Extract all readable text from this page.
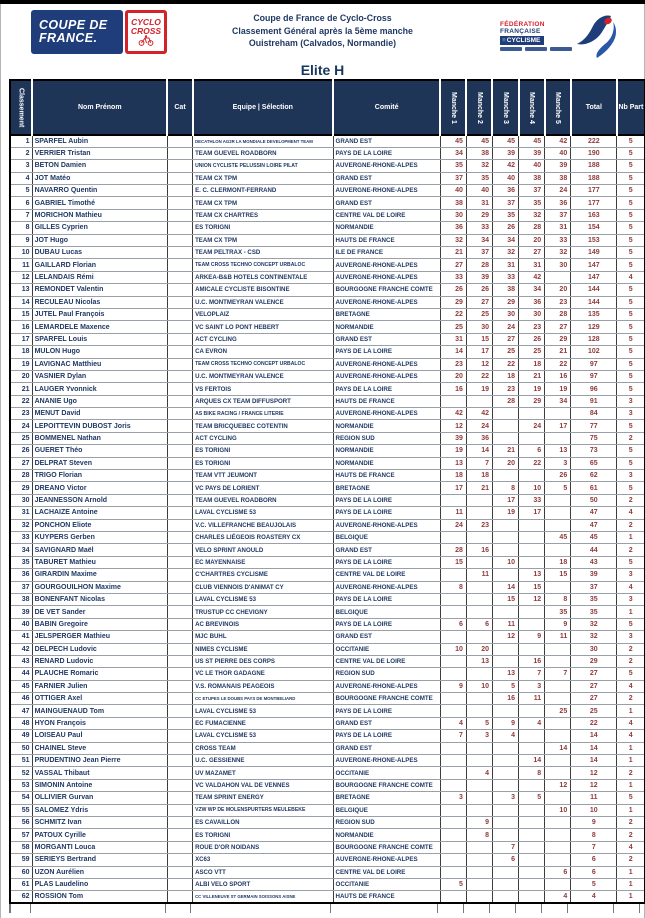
COUPE DE
FRANCE.
CYCLO
CROSS
Coupe de France de Cyclo-Cross
Classement Général après la 5ème manche
Ouistreham (Calvados, Normandie)
FÉDÉRATION
FRANÇAISE
≡CYCLISME
Elite H
Classement	Nom Prénom	Cat	Equipe | Sélection	Comité	Manche 1	Manche 2	Manche 3	Manche 4	Manche 5	Total	Nb Part
1	SPARFEL Aubin		DECATHLON AG2R LA MONDIALE DEVELOPMENT TEAM	GRAND EST	45	45	45	45	42	222	5
2	VERRIER Tristan		TEAM GUEVEL ROADBORN	PAYS DE LA LOIRE	34	38	39	39	40	190	5
3	BETON Damien		UNION CYCLISTE PELUSSIN LOIRE PILAT	AUVERGNE-RHONE-ALPES	35	32	42	40	39	188	5
4	JOT Matéo		TEAM CX TPM	GRAND EST	37	35	40	38	38	188	5
5	NAVARRO Quentin		E. C. CLERMONT-FERRAND	AUVERGNE-RHONE-ALPES	40	40	36	37	24	177	5
6	GABRIEL Timothé		TEAM CX TPM	GRAND EST	38	31	37	35	36	177	5
7	MORICHON Mathieu		TEAM CX CHARTRES	CENTRE VAL DE LOIRE	30	29	35	32	37	163	5
8	GILLES Cyprien		ES TORIGNI	NORMANDIE	36	33	26	28	31	154	5
9	JOT Hugo		TEAM CX TPM	HAUTS DE FRANCE	32	34	34	20	33	153	5
10	DUBAU Lucas		TEAM PELTRAX - CSD	ILE DE FRANCE	21	37	32	27	32	149	5
11	GAILLARD Florian		TEAM CROSS TECHNO CONCEPT URBALOC	AUVERGNE-RHONE-ALPES	27	28	31	31	30	147	5
12	LELANDAIS Rémi		ARKEA-B&B HOTELS CONTINENTALE	AUVERGNE-RHONE-ALPES	33	39	33	42		147	4
13	REMONDET Valentin		AMICALE CYCLISTE BISONTINE	BOURGOGNE FRANCHE COMTE	26	26	38	34	20	144	5
14	RECULEAU Nicolas		U.C. MONTMEYRAN VALENCE	AUVERGNE-RHONE-ALPES	29	27	29	36	23	144	5
15	JUTEL Paul François		VELOPLAIZ	BRETAGNE	22	25	30	30	28	135	5
16	LEMARDELE Maxence		VC SAINT LO PONT HEBERT	NORMANDIE	25	30	24	23	27	129	5
17	SPARFEL Louis		ACT CYCLING	GRAND EST	31	15	27	26	29	128	5
18	MULON Hugo		CA EVRON	PAYS DE LA LOIRE	14	17	25	25	21	102	5
19	LAVIGNAC Matthieu		TEAM CROSS TECHNO CONCEPT URBALOC	AUVERGNE-RHONE-ALPES	23	12	22	18	22	97	5
20	VASNIER Dylan		U.C. MONTMEYRAN VALENCE	AUVERGNE-RHONE-ALPES	20	22	18	21	16	97	5
21	LAUGER Yvonnick		VS FERTOIS	PAYS DE LA LOIRE	16	19	23	19	19	96	5
22	ANANIE Ugo		ARQUES CX TEAM DIFFUSPORT	HAUTS DE FRANCE			28	29	34	91	3
23	MENUT David		AS BIKE RACING / FRANCE LITERIE	AUVERGNE-RHONE-ALPES	42	42				84	3
24	LEPOITTEVIN DUBOST Joris		TEAM BRICQUEBEC COTENTIN	NORMANDIE	12	24		24	17	77	5
25	BOMMENEL Nathan		ACT CYCLING	REGION SUD	39	36				75	2
26	GUERET Théo		ES TORIGNI	NORMANDIE	19	14	21	6	13	73	5
27	DELPRAT Steven		ES TORIGNI	NORMANDIE	13	7	20	22	3	65	5
28	TRIGO Florian		TEAM VTT JEUMONT	HAUTS DE FRANCE	18	18			26	62	3
29	DREANO Victor		VC PAYS DE LORIENT	BRETAGNE	17	21	8	10	5	61	5
30	JEANNESSON Arnold		TEAM GUEVEL ROADBORN	PAYS DE LA LOIRE			17	33		50	2
31	LACHAIZE Antoine		LAVAL CYCLISME 53	PAYS DE LA LOIRE	11		19	17		47	4
32	PONCHON Eliote		V.C. VILLEFRANCHE BEAUJOLAIS	AUVERGNE-RHONE-ALPES	24	23				47	2
33	KUYPERS Gerben		CHARLES LIÉGEOIS ROASTERY CX	BELGIQUE					45	45	1
34	SAVIGNARD Maël		VELO SPRINT ANOULD	GRAND EST	28	16				44	2
35	TABURET Mathieu		EC MAYENNAISE	PAYS DE LA LOIRE	15		10		18	43	5
36	GIRARDIN Maxime		C'CHARTRES CYCLISME	CENTRE VAL DE LOIRE		11		13	15	39	3
37	GOURGOUILHON Maxime		CLUB VIENNOIS D'ANIMAT CY	AUVERGNE-RHONE-ALPES	8		14	15		37	4
38	BONENFANT Nicolas		LAVAL CYCLISME 53	PAYS DE LA LOIRE			15	12	8	35	3
39	DE VET Sander		TRUSTUP CC CHEVIGNY	BELGIQUE					35	35	1
40	BABIN Gregoire		AC BREVINOIS	PAYS DE LA LOIRE	6	6	11		9	32	5
41	JELSPERGER Mathieu		MJC BUHL	GRAND EST			12	9	11	32	3
42	DELPECH Ludovic		NIMES CYCLISME	OCCITANIE	10	20				30	2
43	RENARD Ludovic		US ST PIERRE DES CORPS	CENTRE VAL DE LOIRE		13		16		29	2
44	PLAUCHE Romaric		VC LE THOR GADAGNE	REGION SUD			13	7	7	27	5
45	FARNIER Julien		V.S. ROMANAIS PEAGEOIS	AUVERGNE-RHONE-ALPES	9	10	5	3		27	4
46	OTTIGER Axel		CC ETUPES LE DOUBS PAYS DE MONTBELIARD	BOURGOGNE FRANCHE COMTE			16	11		27	2
47	MAINGUENAUD Tom		LAVAL CYCLISME 53	PAYS DE LA LOIRE					25	25	1
48	HYON François		EC FUMACIENNE	GRAND EST	4	5	9	4		22	4
49	LOISEAU Paul		LAVAL CYCLISME 53	PAYS DE LA LOIRE	7	3	4			14	4
50	CHAINEL Steve		CROSS TEAM	GRAND EST					14	14	1
51	PRUDENTINO Jean Pierre		U.C. GESSIENNE	AUVERGNE-RHONE-ALPES				14		14	1
52	VASSAL Thibaut		UV MAZAMET	OCCITANIE		4		8		12	2
53	SIMONIN Antoine		VC VALDAHON VAL DE VENNES	BOURGOGNE FRANCHE COMTE					12	12	1
54	OLLIVIER Gurvan		TEAM SPRINT ENERGY	BRETAGNE	3		3	5		11	5
55	SALOMEZ Ydris		VZW WP DE MOLENSPURTERS MEULEBEKE	BELGIQUE					10	10	1
56	SCHMITZ Ivan		ES CAVAILLON	REGION SUD		9				9	2
57	PATOUX Cyrille		ES TORIGNI	NORMANDIE		8				8	2
58	MORGANTI Louca		ROUE D'OR NOIDANS	BOURGOGNE FRANCHE COMTE			7			7	4
59	SERIEYS Bertrand		XC63	AUVERGNE-RHONE-ALPES			6			6	2
60	UZON Aurélien		ASCO VTT	CENTRE VAL DE LOIRE					6	6	1
61	PLAS Laudelino		ALBI VELO SPORT	OCCITANIE	5					5	1
62	ROSSION Tom		CC VILLENEUVE ST GERMAIN SOISSONS AISNE	HAUTS DE FRANCE					4	4	1
